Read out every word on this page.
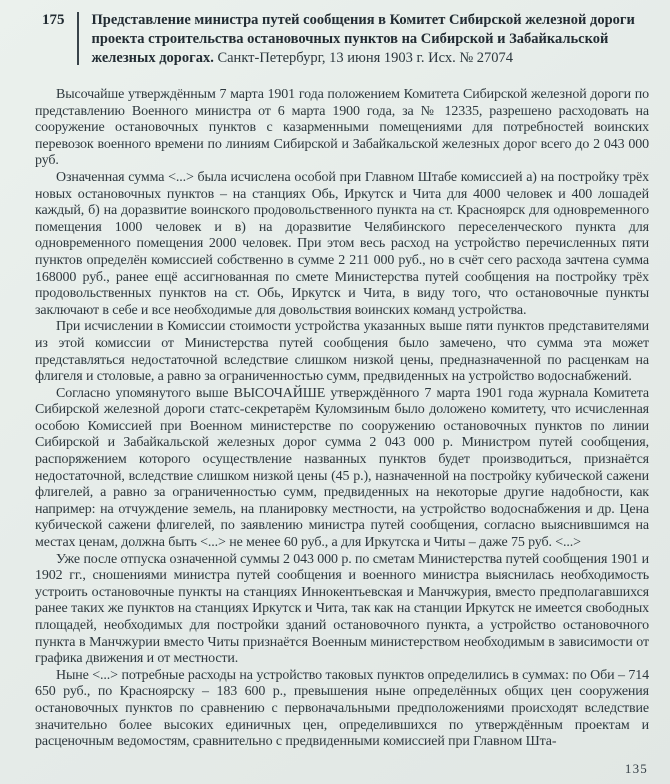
175 Представление министра путей сообщения в Комитет Сибирской железной дороги проекта строительства остановочных пунктов на Сибирской и Забайкальской железных дорогах. Санкт-Петербург, 13 июня 1903 г. Исх. № 27074

Высочайше утверждённым 7 марта 1901 года положением Комитета Сибирской железной дороги по представлению Военного министра от 6 марта 1900 года, за № 12335, разрешено расходовать на сооружение остановочных пунктов с казарменными помещениями для потребностей воинских перевозок военного времени по линиям Сибирской и Забайкальской железных дорог всего до 2 043 000 руб.

Означенная сумма <...> была исчислена особой при Главном Штабе комиссией а) на постройку трёх новых остановочных пунктов – на станциях Обь, Иркутск и Чита для 4000 человек и 400 лошадей каждый, б) на доразвитие воинского продовольственного пункта на ст. Красноярск для одновременного помещения 1000 человек и в) на доразвитие Челябинского переселенческого пункта для одновременного помещения 2000 человек. При этом весь расход на устройство перечисленных пяти пунктов определён комиссией собственно в сумме 2 211 000 руб., но в счёт сего расхода зачтена сумма 168000 руб., ранее ещё ассигнованная по смете Министерства путей сообщения на постройку трёх продовольственных пунктов на ст. Обь, Иркутск и Чита, в виду того, что остановочные пункты заключают в себе и все необходимые для довольствия воинских команд устройства.

При исчислении в Комиссии стоимости устройства указанных выше пяти пунктов представителями из этой комиссии от Министерства путей сообщения было замечено, что сумма эта может представляться недостаточной вследствие слишком низкой цены, предназначенной по расценкам на флигеля и столовые, а равно за ограниченностью сумм, предвиденных на устройство водоснабжений.

Согласно упомянутого выше ВЫСОЧАЙШЕ утверждённого 7 марта 1901 года журнала Комитета Сибирской железной дороги статс-секретарём Куломзиным было доложено комитету, что исчисленная особою Комиссией при Военном министерстве по сооружению остановочных пунктов по линии Сибирской и Забайкальской железных дорог сумма 2 043 000 р. Министром путей сообщения, распоряжением которого осуществление названных пунктов будет производиться, признаётся недостаточной, вследствие слишком низкой цены (45 р.), назначенной на постройку кубической сажени флигелей, а равно за ограниченностью сумм, предвиденных на некоторые другие надобности, как например: на отчуждение земель, на планировку местности, на устройство водоснабжения и др. Цена кубической сажени флигелей, по заявлению министра путей сообщения, согласно выяснившимся на местах ценам, должна быть <...> не менее 60 руб., а для Иркутска и Читы – даже 75 руб. <...>

Уже после отпуска означенной суммы 2 043 000 р. по сметам Министерства путей сообщения 1901 и 1902 гг., сношениями министра путей сообщения и военного министра выяснилась необходимость устроить остановочные пункты на станциях Иннокентьевская и Манчжурия, вместо предполагавшихся ранее таких же пунктов на станциях Иркутск и Чита, так как на станции Иркутск не имеется свободных площадей, необходимых для постройки зданий остановочного пункта, а устройство остановочного пункта в Манчжурии вместо Читы признаётся Военным министерством необходимым в зависимости от графика движения и от местности.

Ныне <...> потребные расходы на устройство таковых пунктов определились в суммах: по Оби – 714 650 руб., по Красноярску – 183 600 р., превышения ныне определённых общих цен сооружения остановочных пунктов по сравнению с первоначальными предположениями происходят вследствие значительно более высоких единичных цен, определившихся по утверждённым проектам и расценочным ведомостям, сравнительно с предвиденными комиссией при Главном Шта-

135
